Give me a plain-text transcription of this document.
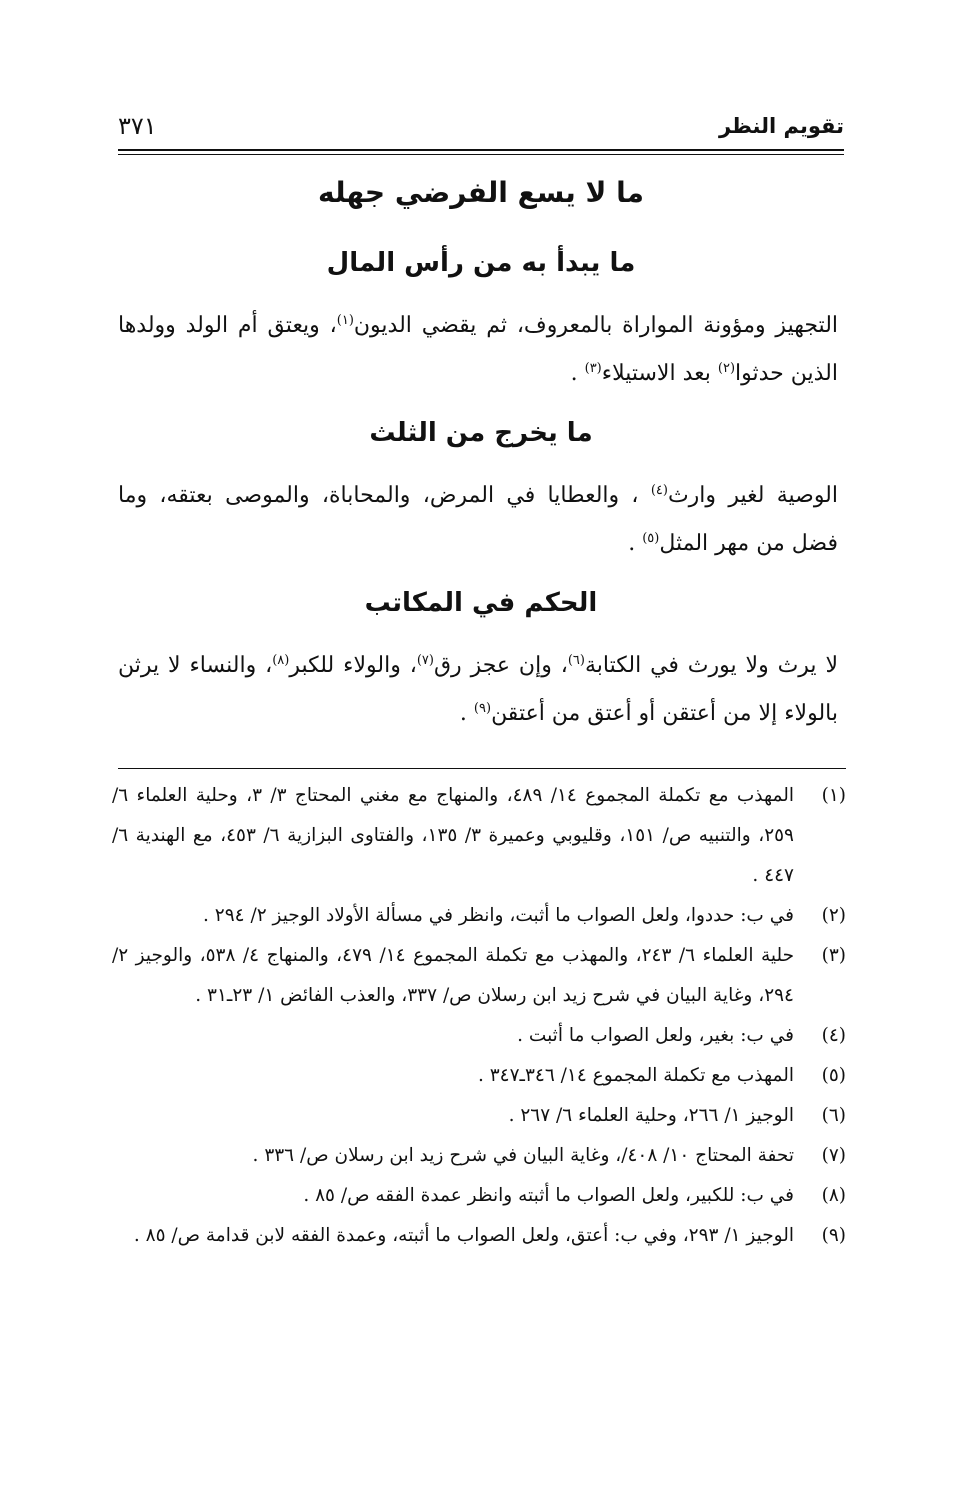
تقويم النظر
٣٧١
ما لا يسع الفرضي جهله
ما يبدأ به من رأس المال

التجهيز ومؤونة المواراة بالمعروف، ثم يقضي الديون$^{(١)}$، ويعتق أم الولد وولدها الذين حدثوا$^{(٢)}$ بعد الاستيلاء$^{(٣)}$ .

ما يخرج من الثلث

الوصية لغير وارث$^{(٤)}$ ، والعطايا في المرض، والمحاباة، والموصى بعتقه، وما فضل من مهر المثل$^{(٥)}$ .

الحكم في المكاتب

لا يرث ولا يورث في الكتابة$^{(٦)}$، وإن عجز رق$^{(٧)}$، والولاء للكبر$^{(٨)}$، والنساء لا يرثن بالولاء إلا من أعتقن أو أعتق من أعتقن$^{(٩)}$ .

(١)
المهذب مع تكملة المجموع ١٤/ ٤٨٩، والمنهاج مع مغني المحتاج ٣/ ٣، وحلية العلماء ٦/ ٢٥٩، والتنبيه ص/ ١٥١، وقليوبي وعميرة ٣/ ١٣٥، والفتاوى البزازية ٦/ ٤٥٣، مع الهندية ٦/ ٤٤٧ .
(٢)
في ب: حددوا، ولعل الصواب ما أثبت، وانظر في مسألة الأولاد الوجيز ٢/ ٢٩٤ .
(٣)
حلية العلماء ٦/ ٢٤٣، والمهذب مع تكملة المجموع ١٤/ ٤٧٩، والمنهاج ٤/ ٥٣٨، والوجيز ٢/ ٢٩٤، وغاية البيان في شرح زيد ابن رسلان ص/ ٣٣٧، والعذب الفائض ١/ ٢٣ـ٣١ .
(٤)
في ب: بغير، ولعل الصواب ما أثبت .
(٥)
المهذب مع تكملة المجموع ١٤/ ٣٤٦ـ٣٤٧ .
(٦)
الوجيز ١/ ٢٦٦، وحلية العلماء ٦/ ٢٦٧ .
(٧)
تحفة المحتاج ١٠/ ٤٠٨/، وغاية البيان في شرح زيد ابن رسلان ص/ ٣٣٦ .
(٨)
في ب: للكبير، ولعل الصواب ما أثبته وانظر عمدة الفقه ص/ ٨٥ .
(٩)
الوجيز ١/ ٢٩٣، وفي ب: أعتق، ولعل الصواب ما أثبته، وعمدة الفقه لابن قدامة ص/ ٨٥ .
